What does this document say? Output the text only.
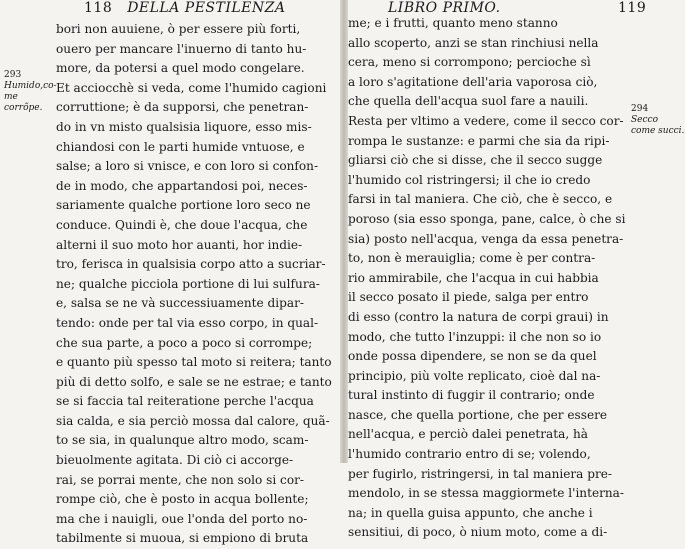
118 DELLA PESTILENZA
293
Humido,co-me corrõpe.
bori non auuiene, ò per essere più forti,
ouero per mancare l'inuerno di tanto hu-
more, da potersi a quel modo congelare.
Et acciocchè si veda, come l'humido cagioni
corruttione; è da supporsi, che penetran-
do in vn misto qualsisia liquore, esso mis-
chiandosi con le parti humide vntuose, e
salse; a loro si vnisce, e con loro si confon-
de in modo, che appartandosi poi, neces-
sariamente qualche portione loro seco ne
conduce. Quindi è, che doue l'acqua, che
alterni il suo moto hor auanti, hor indie-
tro, ferisca in qualsisia corpo atto a sucriar-
ne; qualche picciola portione di lui sulfura-
e, salsa se ne và successiuamente dipar-
tendo: onde per tal via esso corpo, in qual-
che sua parte, a poco a poco si corrompe;
e quanto più spesso tal moto si reitera; tanto
più di detto solfo, e sale se ne estrae; e tanto
se si faccia tal reiteratione perche l'acqua
sia calda, e sia perciò mossa dal calore, quã-
to se sia, in qualunque altro modo, scam-
bieuolmente agitata. Di ciò ci accorge-
rai, se porrai mente, che non solo si cor-
rompe ciò, che è posto in acqua bollente;
ma che i nauigli, oue l'onda del porto no-
tabilmente si muoua, si empiono di bruta
LIBRO PRIMO.	119
294
Secco come succi.
me; e i frutti, quanto meno stanno
allo scoperto, anzi se stan rinchiusi nella
cera, meno si corrompono; percioche sì
a loro s'agitatione dell'aria vaporosa ciò,
che quella dell'acqua suol fare a nauili.
Resta per vltimo a vedere, come il secco cor-
rompa le sustanze: e parmi che sia da ripi-
gliarsi ciò che si disse, che il secco sugge
l'humido col ristringersi; il che io credo
farsi in tal maniera. Che ciò, che è secco, e
poroso (sia esso sponga, pane, calce, ò che si
sia) posto nell'acqua, venga da essa penetra-
to, non è merauiglia; come è per contra-
rio ammirabile, che l'acqua in cui habbia
il secco posato il piede, salga per entro
di esso (contro la natura de corpi graui) in
modo, che tutto l'inzuppi: il che non so io
onde possa dipendere, se non se da quel
principio, più volte replicato, cioè dal na-
tural instinto di fuggir il contrario; onde
nasce, che quella portione, che per essere
nell'acqua, e perciò dalei penetrata, hà
l'humido contrario entro di se; volendo,
per fugirlo, ristringersi, in tal maniera pre-
mendolo, in se stessa maggiormete l'interna-
na; in quella guisa appunto, che anche i
sensitiui, di poco, ò nium moto, come a di-
